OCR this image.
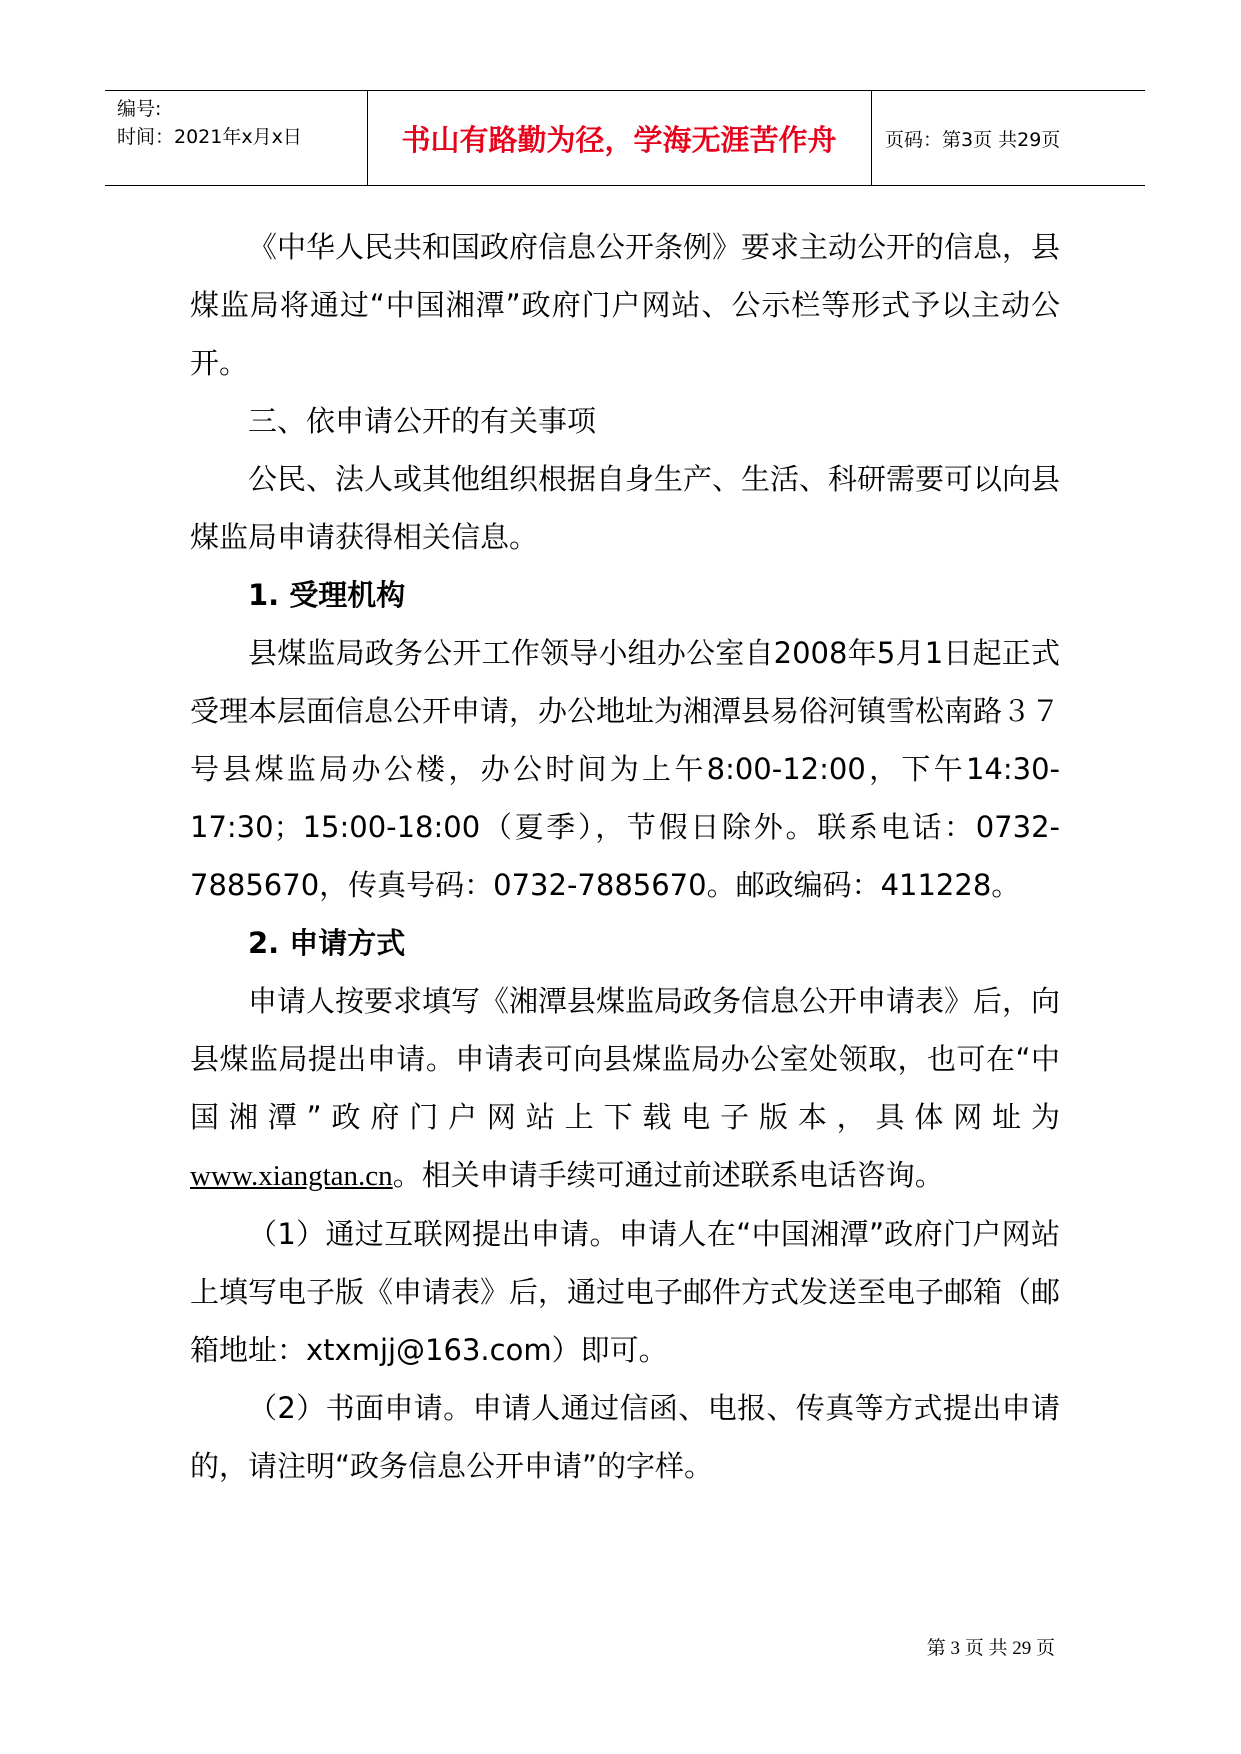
编号:
时间：2021年x月x日	书山有路勤为径，学海无涯苦作舟	页码：第3页 共29页

《中华人民共和国政府信息公开条例》要求主动公开的信息，县煤监局将通过“中国湘潭”政府门户网站、公示栏等形式予以主动公开。

三、依申请公开的有关事项

公民、法人或其他组织根据自身生产、生活、科研需要可以向县煤监局申请获得相关信息。

1. 受理机构

县煤监局政务公开工作领导小组办公室自2008年5月1日起正式受理本层面信息公开申请，办公地址为湘潭县易俗河镇雪松南路３７号县煤监局办公楼，办公时间为上午8:00-12:00，下午14:30-17:30；15:00-18:00（夏季），节假日除外。联系电话：0732-7885670，传真号码：0732-7885670。邮政编码：411228。

2. 申请方式

申请人按要求填写《湘潭县煤监局政务信息公开申请表》后，向县煤监局提出申请。申请表可向县煤监局办公室处领取，也可在“中国湘潭”政府门户网站上下载电子版本，具体网址为www.xiangtan.cn。相关申请手续可通过前述联系电话咨询。

（1）通过互联网提出申请。申请人在“中国湘潭”政府门户网站上填写电子版《申请表》后，通过电子邮件方式发送至电子邮箱（邮箱地址：xtxmjj@163.com）即可。

（2）书面申请。申请人通过信函、电报、传真等方式提出申请的，请注明“政务信息公开申请”的字样。

第 3 页 共 29 页
